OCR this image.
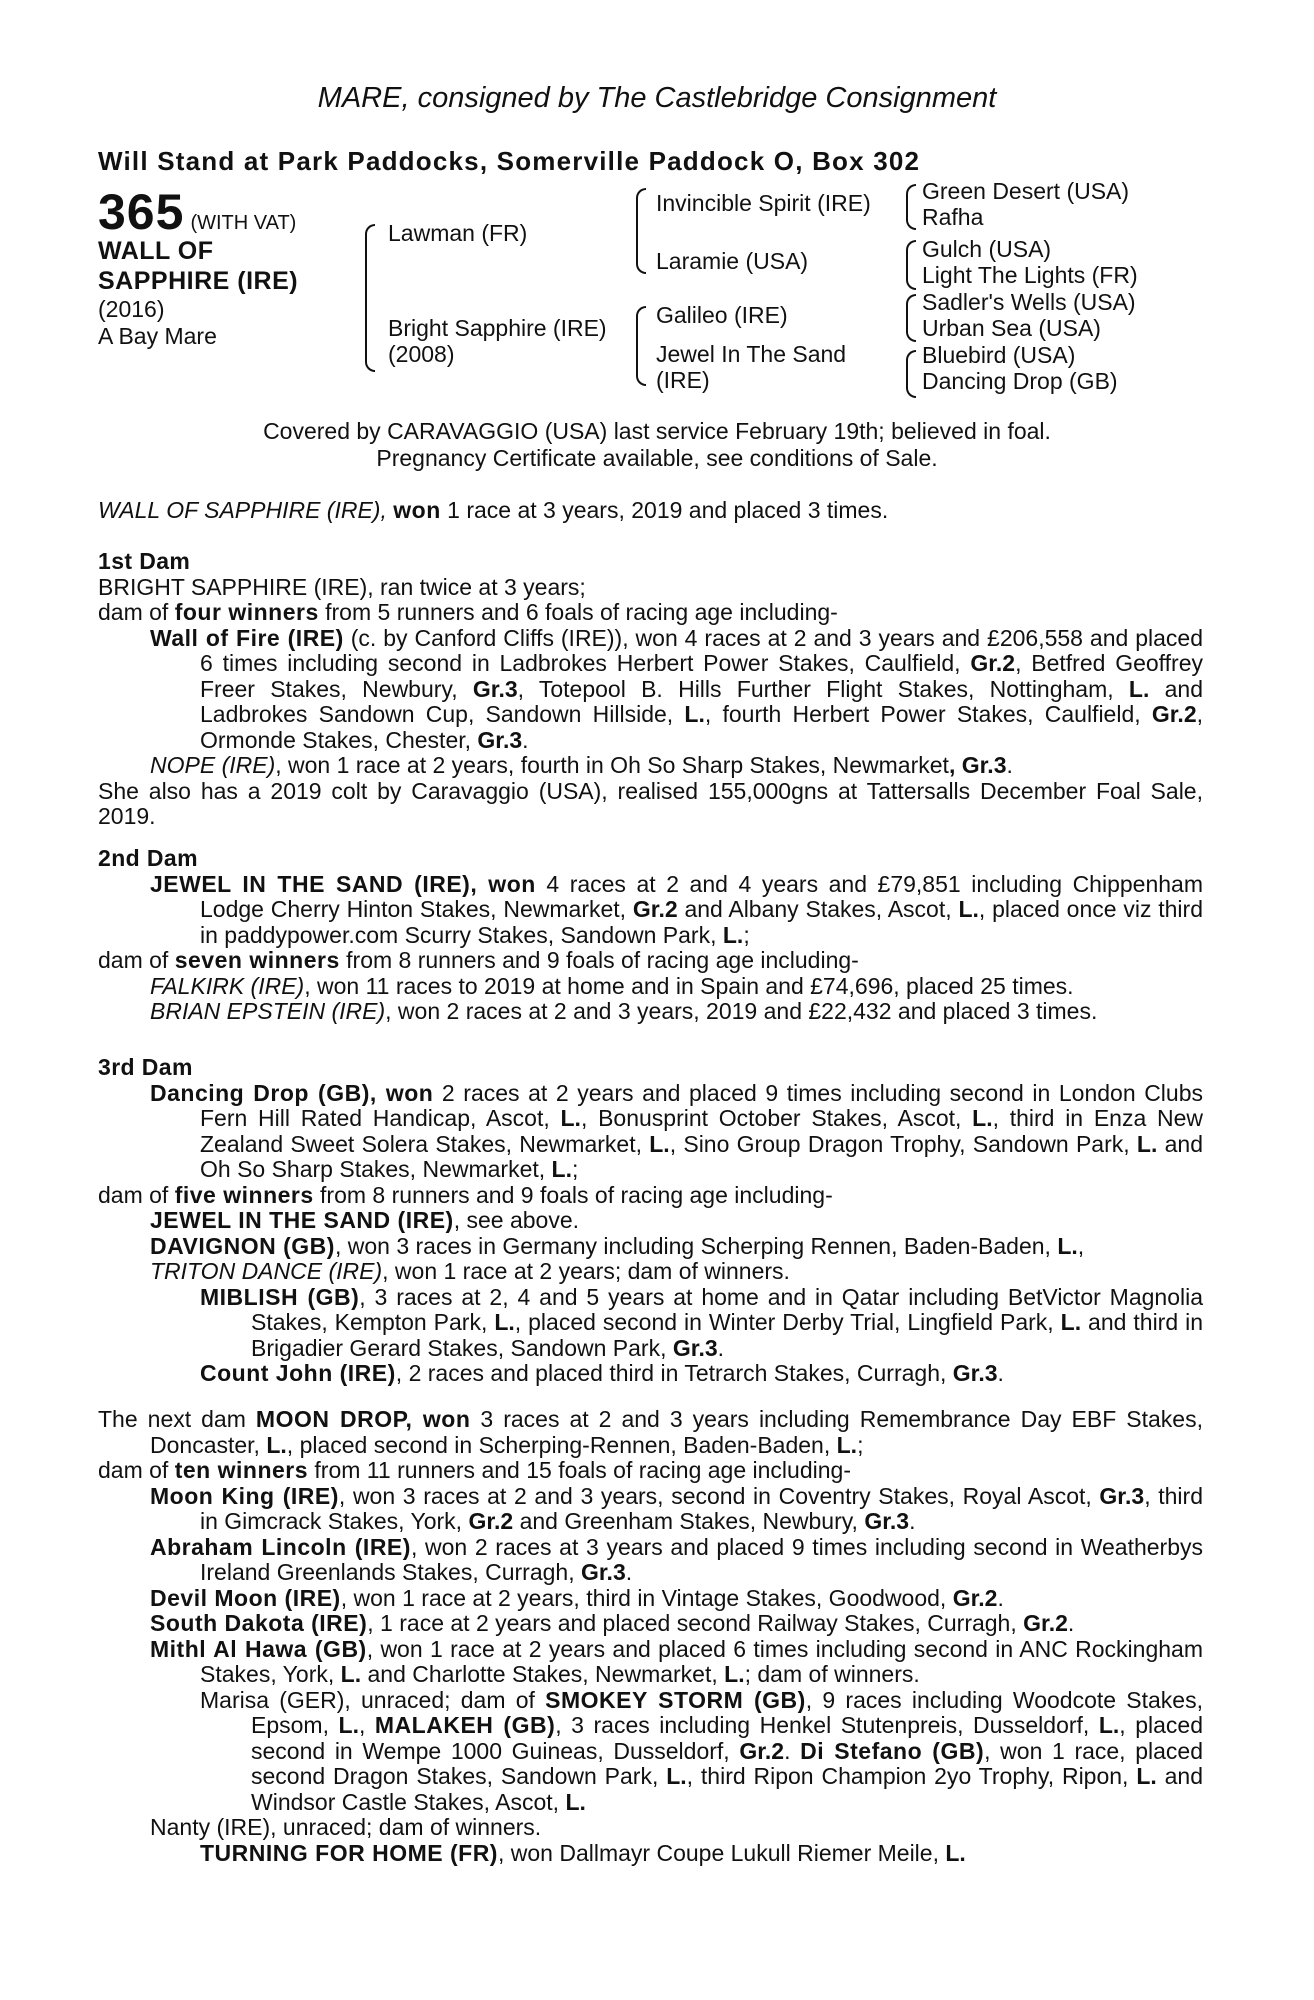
MARE, consigned by The Castlebridge Consignment
Will Stand at Park Paddocks, Somerville Paddock O, Box 302
365 (WITH VAT)
WALL OF
SAPPHIRE (IRE)
(2016)
A Bay Mare
Lawman (FR)
Bright Sapphire (IRE)
(2008)
Invincible Spirit (IRE)
Laramie (USA)
Galileo (IRE)
Jewel In The Sand
(IRE)
Green Desert (USA)
Rafha
Gulch (USA)
Light The Lights (FR)
Sadler's Wells (USA)
Urban Sea (USA)
Bluebird (USA)
Dancing Drop (GB)
Covered by CARAVAGGIO (USA) last service February 19th; believed in foal.
Pregnancy Certificate available, see conditions of Sale.

WALL OF SAPPHIRE (IRE), won 1 race at 3 years, 2019 and placed 3 times.

1st Dam

BRIGHT SAPPHIRE (IRE), ran twice at 3 years;

dam of four winners from 5 runners and 6 foals of racing age including-

Wall of Fire (IRE) (c. by Canford Cliffs (IRE)), won 4 races at 2 and 3 years and £206,558 and placed 6 times including second in Ladbrokes Herbert Power Stakes, Caulfield, Gr.2, Betfred Geoffrey Freer Stakes, Newbury, Gr.3, Totepool B. Hills Further Flight Stakes, Nottingham, L. and Ladbrokes Sandown Cup, Sandown Hillside, L., fourth Herbert Power Stakes, Caulfield, Gr.2, Ormonde Stakes, Chester, Gr.3.

NOPE (IRE), won 1 race at 2 years, fourth in Oh So Sharp Stakes, Newmarket, Gr.3.

She also has a 2019 colt by Caravaggio (USA), realised 155,000gns at Tattersalls December Foal Sale, 2019.

2nd Dam

JEWEL IN THE SAND (IRE), won 4 races at 2 and 4 years and £79,851 including Chippenham Lodge Cherry Hinton Stakes, Newmarket, Gr.2 and Albany Stakes, Ascot, L., placed once viz third in paddypower.com Scurry Stakes, Sandown Park, L.;

dam of seven winners from 8 runners and 9 foals of racing age including-

FALKIRK (IRE), won 11 races to 2019 at home and in Spain and £74,696, placed 25 times.

BRIAN EPSTEIN (IRE), won 2 races at 2 and 3 years, 2019 and £22,432 and placed 3 times.

3rd Dam

Dancing Drop (GB), won 2 races at 2 years and placed 9 times including second in London Clubs Fern Hill Rated Handicap, Ascot, L., Bonusprint October Stakes, Ascot, L., third in Enza New Zealand Sweet Solera Stakes, Newmarket, L., Sino Group Dragon Trophy, Sandown Park, L. and Oh So Sharp Stakes, Newmarket, L.;

dam of five winners from 8 runners and 9 foals of racing age including-

JEWEL IN THE SAND (IRE), see above.

DAVIGNON (GB), won 3 races in Germany including Scherping Rennen, Baden-Baden, L.,

TRITON DANCE (IRE), won 1 race at 2 years; dam of winners.

MIBLISH (GB), 3 races at 2, 4 and 5 years at home and in Qatar including BetVictor Magnolia Stakes, Kempton Park, L., placed second in Winter Derby Trial, Lingfield Park, L. and third in Brigadier Gerard Stakes, Sandown Park, Gr.3.

Count John (IRE), 2 races and placed third in Tetrarch Stakes, Curragh, Gr.3.

The next dam MOON DROP, won 3 races at 2 and 3 years including Remembrance Day EBF Stakes, Doncaster, L., placed second in Scherping-Rennen, Baden-Baden, L.;

dam of ten winners from 11 runners and 15 foals of racing age including-

Moon King (IRE), won 3 races at 2 and 3 years, second in Coventry Stakes, Royal Ascot, Gr.3, third in Gimcrack Stakes, York, Gr.2 and Greenham Stakes, Newbury, Gr.3.

Abraham Lincoln (IRE), won 2 races at 3 years and placed 9 times including second in Weatherbys Ireland Greenlands Stakes, Curragh, Gr.3.

Devil Moon (IRE), won 1 race at 2 years, third in Vintage Stakes, Goodwood, Gr.2.

South Dakota (IRE), 1 race at 2 years and placed second Railway Stakes, Curragh, Gr.2.

Mithl Al Hawa (GB), won 1 race at 2 years and placed 6 times including second in ANC Rockingham Stakes, York, L. and Charlotte Stakes, Newmarket, L.; dam of winners.

Marisa (GER), unraced; dam of SMOKEY STORM (GB), 9 races including Woodcote Stakes, Epsom, L., MALAKEH (GB), 3 races including Henkel Stutenpreis, Dusseldorf, L., placed second in Wempe 1000 Guineas, Dusseldorf, Gr.2. Di Stefano (GB), won 1 race, placed second Dragon Stakes, Sandown Park, L., third Ripon Champion 2yo Trophy, Ripon, L. and Windsor Castle Stakes, Ascot, L.

Nanty (IRE), unraced; dam of winners.

TURNING FOR HOME (FR), won Dallmayr Coupe Lukull Riemer Meile, L.
